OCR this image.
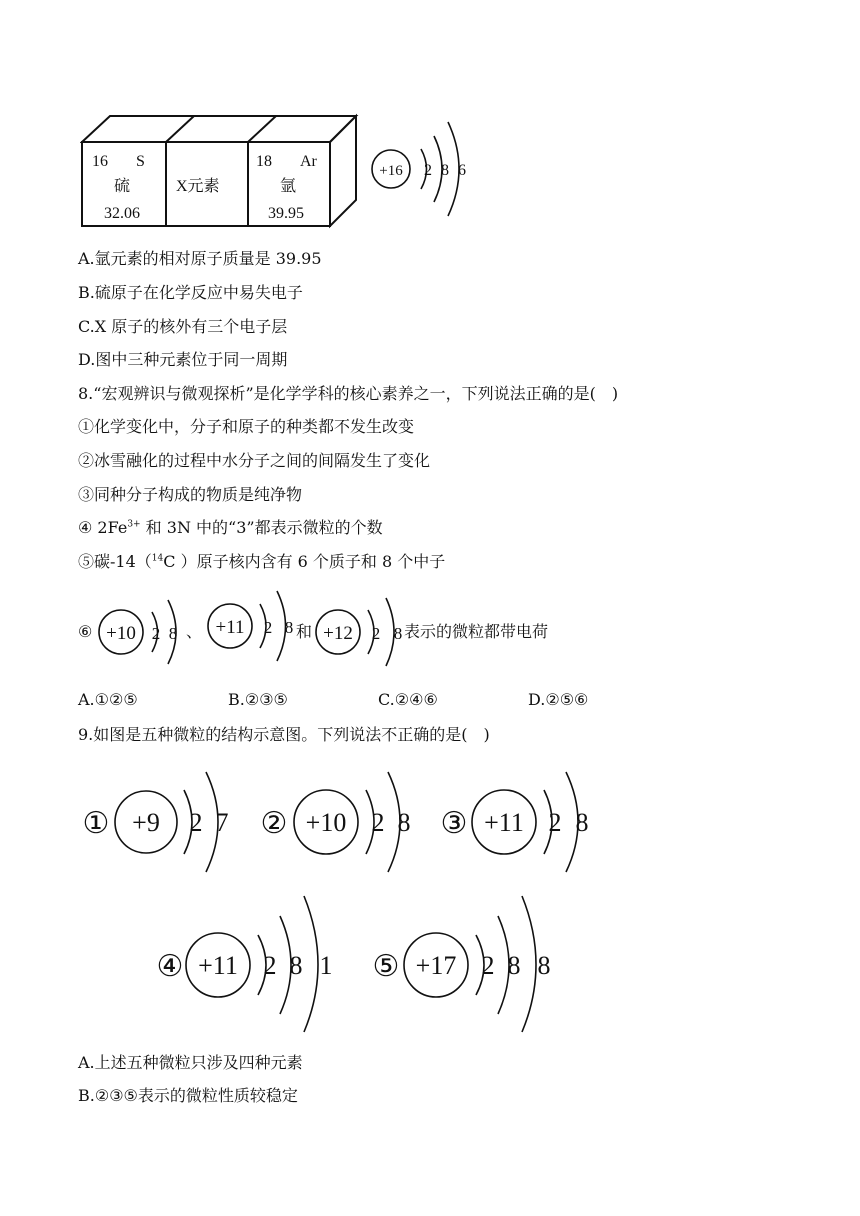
16 S
硫
32.06
X元素
18 Ar
氩
39.95
+16 2 8 6
A.氩元素的相对原子质量是 39.95
B.硫原子在化学反应中易失电子
C.X 原子的核外有三个电子层
D.图中三种元素位于同一周期
8.“宏观辨识与微观探析”是化学学科的核心素养之一，下列说法正确的是(　)
①化学变化中，分子和原子的种类都不发生改变
②冰雪融化的过程中水分子之间的间隔发生了变化
③同种分子构成的物质是纯净物
④ $2Fe^{3+}$ 和 3N 中的“3”都表示微粒的个数
⑤碳-14（$^{14}$C ）原子核内含有 6 个质子和 8 个中子
⑥ +10 2 8 、 +11 2 8 和 +12 2 8 表示的微粒都带电荷
A.①②⑤	B.②③⑤	C.②④⑥	D.②⑤⑥
9.如图是五种微粒的结构示意图。下列说法不正确的是(　)
① +9 2 7 ② +10 2 8 ③ +11 2 8
④ +11 2 8 1 ⑤ +17 2 8 8
A.上述五种微粒只涉及四种元素
B.②③⑤表示的微粒性质较稳定
